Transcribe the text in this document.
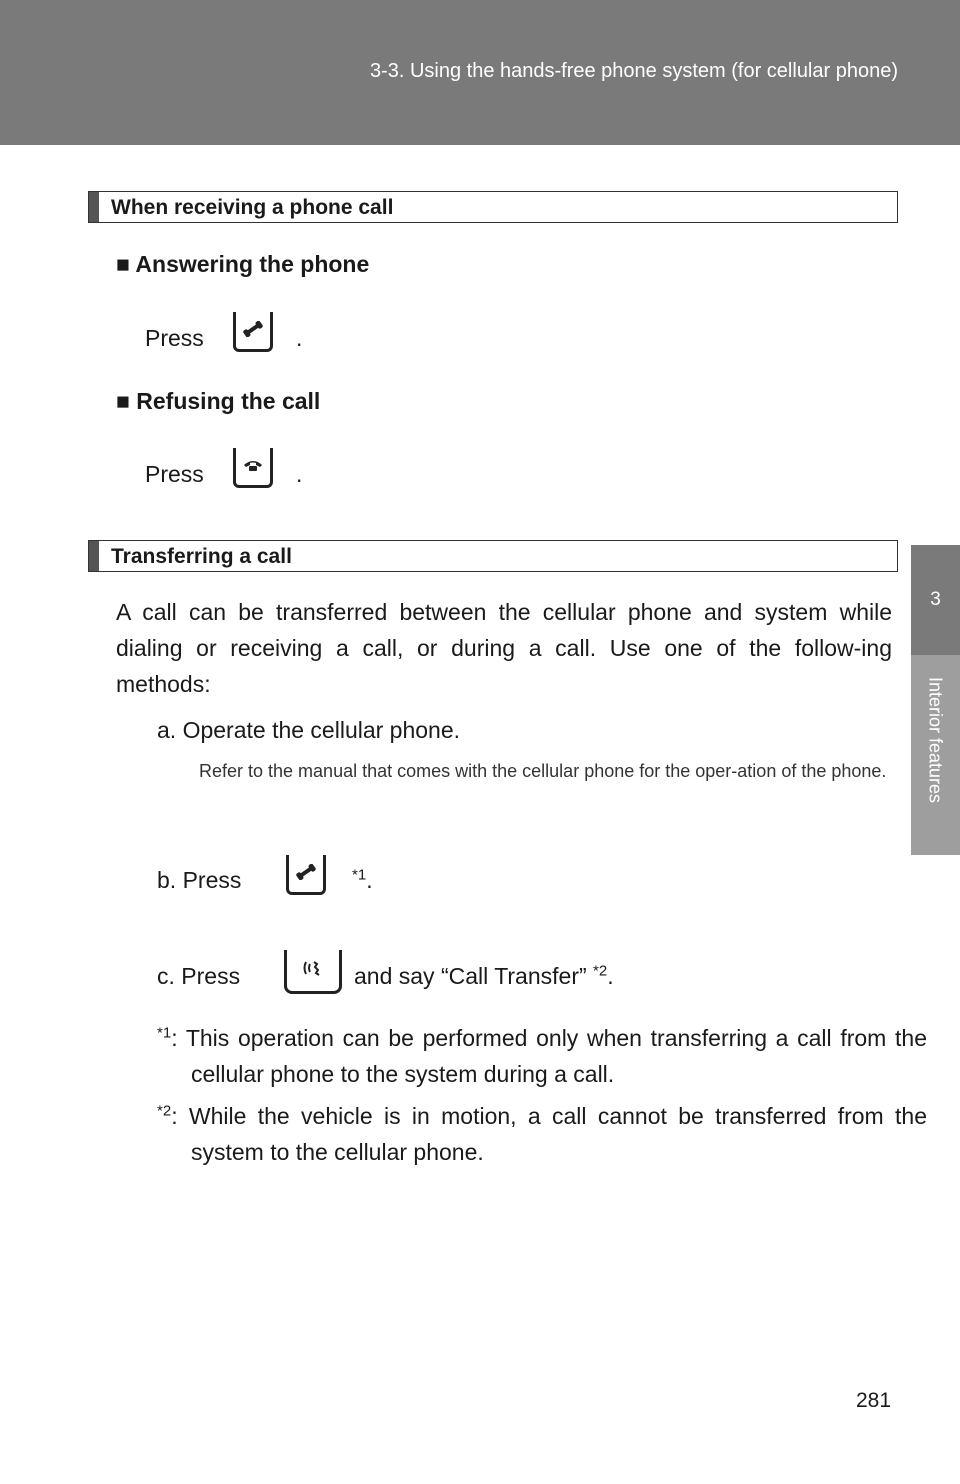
3-3. Using the hands-free phone system (for cellular phone)
3
Interior features
When receiving a phone call
■ Answering the phone
Press	.
■ Refusing the call
Press	.
Transferring a call
A call can be transferred between the cellular phone and system while dialing or receiving a call, or during a call. Use one of the follow-ing methods:
a. Operate the cellular phone.
Refer to the manual that comes with the cellular phone for the oper-ation of the phone.
b. Press	$^{*1}$.
c. Press	and say “Call Transfer” $^{*2}$.
$^{*1}$: This operation can be performed only when transferring a call from the cellular phone to the system during a call.
$^{*2}$: While the vehicle is in motion, a call cannot be transferred from the system to the cellular phone.
281
